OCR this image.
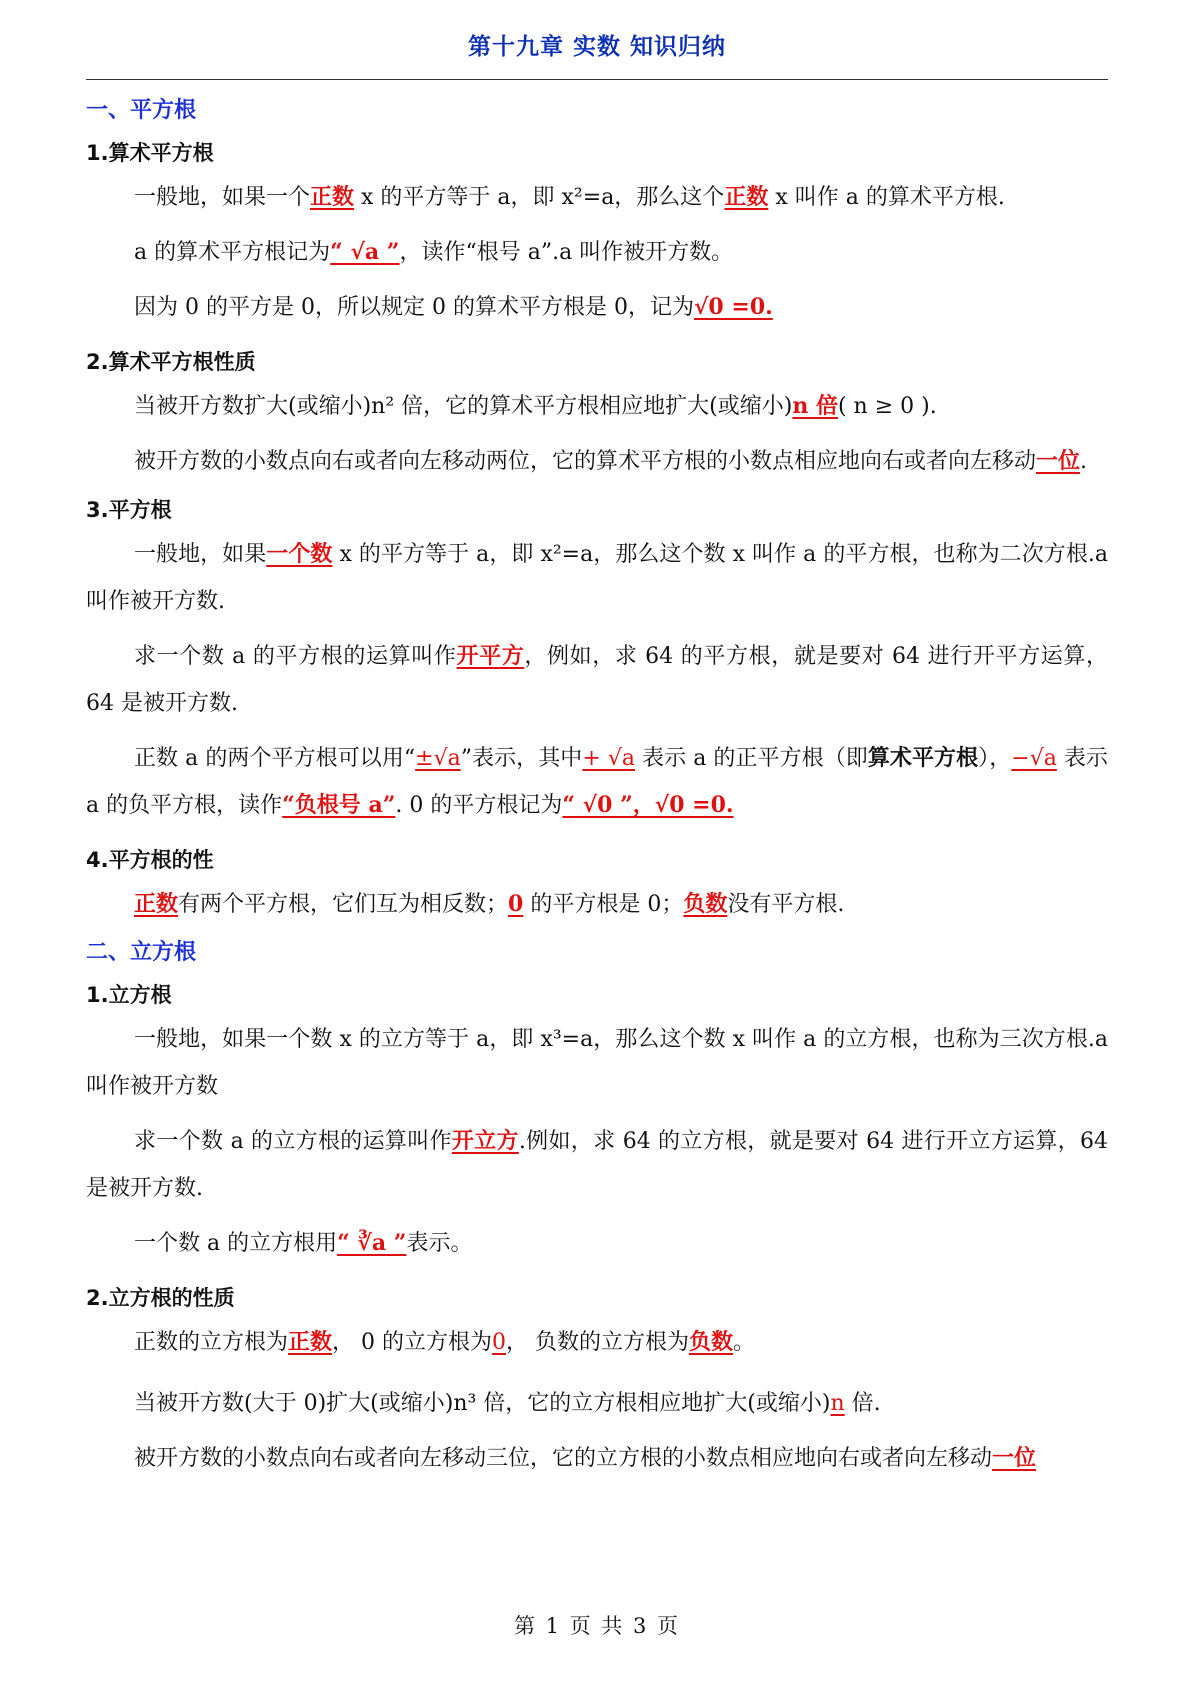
第十九章 实数 知识归纳
一、平方根
1.算术平方根
一般地，如果一个正数 x 的平方等于 a，即 x²=a，那么这个正数 x 叫作 a 的算术平方根.
a 的算术平方根记为“ √a ”，读作“根号 a”.a 叫作被开方数。
因为 0 的平方是 0，所以规定 0 的算术平方根是 0，记为√0 =0.
2.算术平方根性质
当被开方数扩大(或缩小)n² 倍，它的算术平方根相应地扩大(或缩小)n 倍( n ≥ 0 ).
被开方数的小数点向右或者向左移动两位，它的算术平方根的小数点相应地向右或者向左移动一位.
3.平方根
一般地，如果一个数 x 的平方等于 a，即 x²=a，那么这个数 x 叫作 a 的平方根，也称为二次方根.a 叫作被开方数.
求一个数 a 的平方根的运算叫作开平方，例如，求 64 的平方根，就是要对 64 进行开平方运算，64 是被开方数.
正数 a 的两个平方根可以用“±√a”表示，其中+ √a 表示 a 的正平方根（即算术平方根），−√a 表示 a 的负平方根，读作“负根号 a”. 0 的平方根记为“ √0 ”，√0 =0.
4.平方根的性
正数有两个平方根，它们互为相反数；0 的平方根是 0；负数没有平方根.
二、立方根
1.立方根
一般地，如果一个数 x 的立方等于 a，即 x³=a，那么这个数 x 叫作 a 的立方根，也称为三次方根.a 叫作被开方数
求一个数 a 的立方根的运算叫作开立方.例如，求 64 的立方根，就是要对 64 进行开立方运算，64 是被开方数.
一个数 a 的立方根用“ ∛a ”表示。
2.立方根的性质
正数的立方根为正数， 0 的立方根为0， 负数的立方根为负数。
当被开方数(大于 0)扩大(或缩小)n³ 倍，它的立方根相应地扩大(或缩小)n 倍.
被开方数的小数点向右或者向左移动三位，它的立方根的小数点相应地向右或者向左移动一位
第 1 页 共 3 页
